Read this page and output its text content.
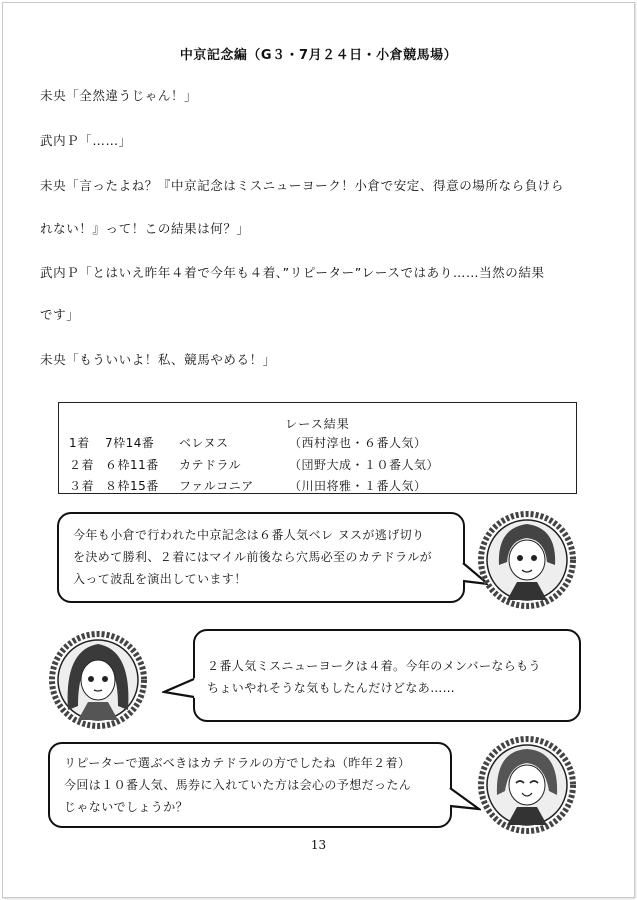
中京記念編（G３・7月２４日・小倉競馬場）
未央「全然違うじゃん！」
武内Ｐ「……」
未央「言ったよね？『中京記念はミスニューヨーク！小倉で安定、得意の場所なら負けら
れない！』って！この結果は何？」
武内Ｐ「とはいえ昨年４着で今年も４着、”リピーター”レースではあり……当然の結果
です」
未央「もういいよ！私、競馬やめる！」
レース結果
1着 7枠14番 ベレヌス	（西村淳也・６番人気）
２着 ６枠11番 カテドラル	（団野大成・１０番人気）
３着 ８枠15番 ファルコニア	（川田将雅・１番人気）
今年も小倉で行われた中京記念は６番人気ベレ ヌスが逃げ切り
を決めて勝利、２着にはマイル前後なら穴馬必至のカテドラルが
入って波乱を演出しています！
２番人気ミスニューヨークは４着。今年のメンバーならもう
ちょいやれそうな気もしたんだけどなあ……
リピーターで選ぶべきはカテドラルの方でしたね（昨年２着）
今回は１０番人気、馬券に入れていた方は会心の予想だったん
じゃないでしょうか？
13
